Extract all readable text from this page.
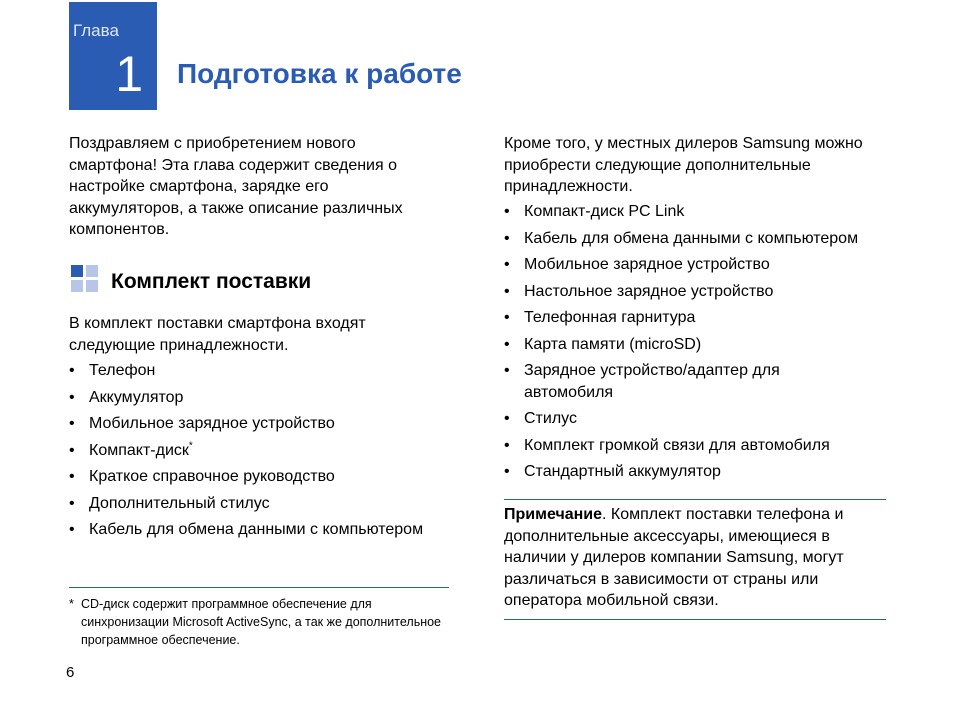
Глава
1 Подготовка к работе

Поздравляем с приобретением нового смартфона! Эта глава содержит сведения о настройке смартфона, зарядке его аккумуляторов, а также описание различных компонентов.

Комплект поставки

В комплект поставки смартфона входят следующие принадлежности.

• Телефон
• Аккумулятор
• Мобильное зарядное устройство
• Компакт-диск*
• Краткое справочное руководство
• Дополнительный стилус
• Кабель для обмена данными с компьютером
* CD-диск содержит программное обеспечение для синхронизации Microsoft ActiveSync, а так же дополнительное программное обеспечение.
6

Кроме того, у местных дилеров Samsung можно приобрести следующие дополнительные принадлежности.

• Компакт-диск PC Link
• Кабель для обмена данными с компьютером
• Мобильное зарядное устройство
• Настольное зарядное устройство
• Телефонная гарнитура
• Карта памяти (microSD)
• Зарядное устройство/адаптер для автомобиля
• Стилус
• Комплект громкой связи для автомобиля
• Стандартный аккумулятор
Примечание. Комплект поставки телефона и дополнительные аксессуары, имеющиеся в наличии у дилеров компании Samsung, могут различаться в зависимости от страны или оператора мобильной связи.
